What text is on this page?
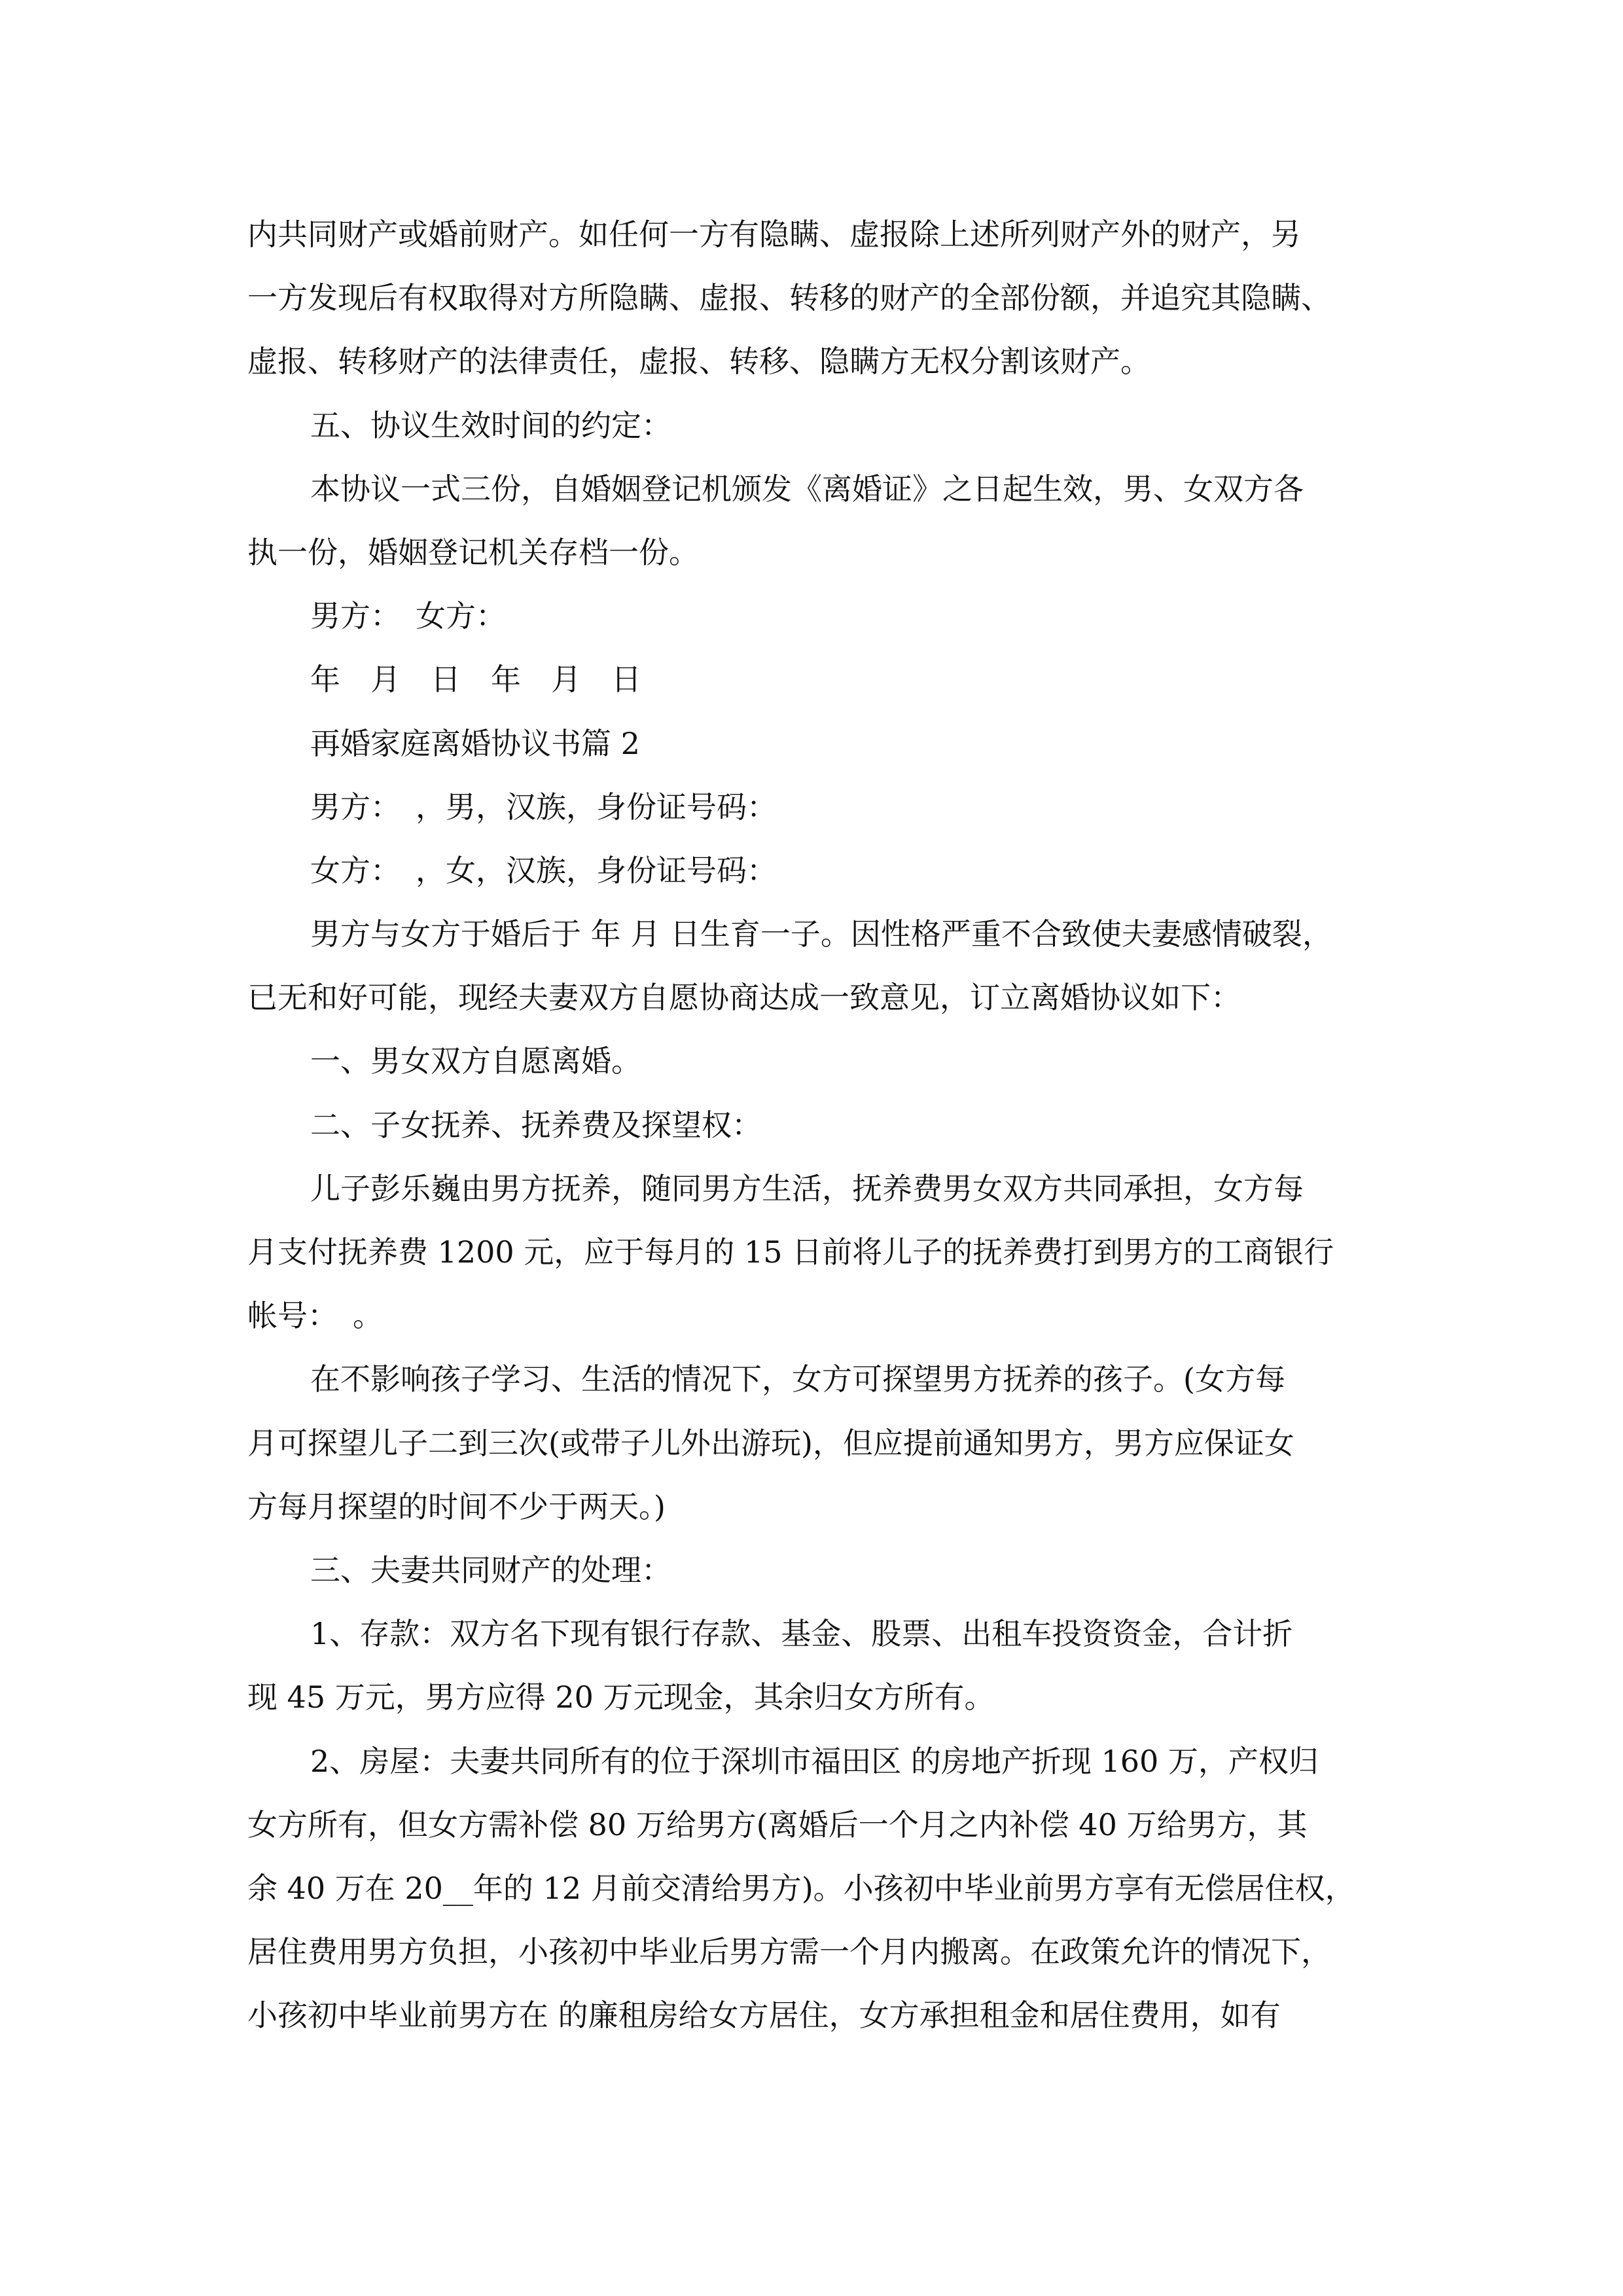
内共同财产或婚前财产。如任何一方有隐瞒、虚报除上述所列财产外的财产，另
一方发现后有权取得对方所隐瞒、虚报、转移的财产的全部份额，并追究其隐瞒、
虚报、转移财产的法律责任，虚报、转移、隐瞒方无权分割该财产。
五、协议生效时间的约定：
本协议一式三份，自婚姻登记机颁发《离婚证》之日起生效，男、女双方各
执一份，婚姻登记机关存档一份。
男方：　女方：
年　月　日　年　月　日
再婚家庭离婚协议书篇 2
男方：　，男，汉族，身份证号码：
女方：　，女，汉族，身份证号码：
男方与女方于婚后于 年 月 日生育一子。因性格严重不合致使夫妻感情破裂，
已无和好可能，现经夫妻双方自愿协商达成一致意见，订立离婚协议如下：
一、男女双方自愿离婚。
二、子女抚养、抚养费及探望权：
儿子彭乐巍由男方抚养，随同男方生活，抚养费男女双方共同承担，女方每
月支付抚养费 1200 元，应于每月的 15 日前将儿子的抚养费打到男方的工商银行
帐号：　。
在不影响孩子学习、生活的情况下，女方可探望男方抚养的孩子。(女方每
月可探望儿子二到三次(或带子儿外出游玩)，但应提前通知男方，男方应保证女
方每月探望的时间不少于两天。)
三、夫妻共同财产的处理：
1、存款：双方名下现有银行存款、基金、股票、出租车投资资金，合计折
现 45 万元，男方应得 20 万元现金，其余归女方所有。
2、房屋：夫妻共同所有的位于深圳市福田区 的房地产折现 160 万，产权归
女方所有，但女方需补偿 80 万给男方(离婚后一个月之内补偿 40 万给男方，其
余 40 万在 20__年的 12 月前交清给男方)。小孩初中毕业前男方享有无偿居住权，
居住费用男方负担，小孩初中毕业后男方需一个月内搬离。在政策允许的情况下，
小孩初中毕业前男方在 的廉租房给女方居住，女方承担租金和居住费用，如有
